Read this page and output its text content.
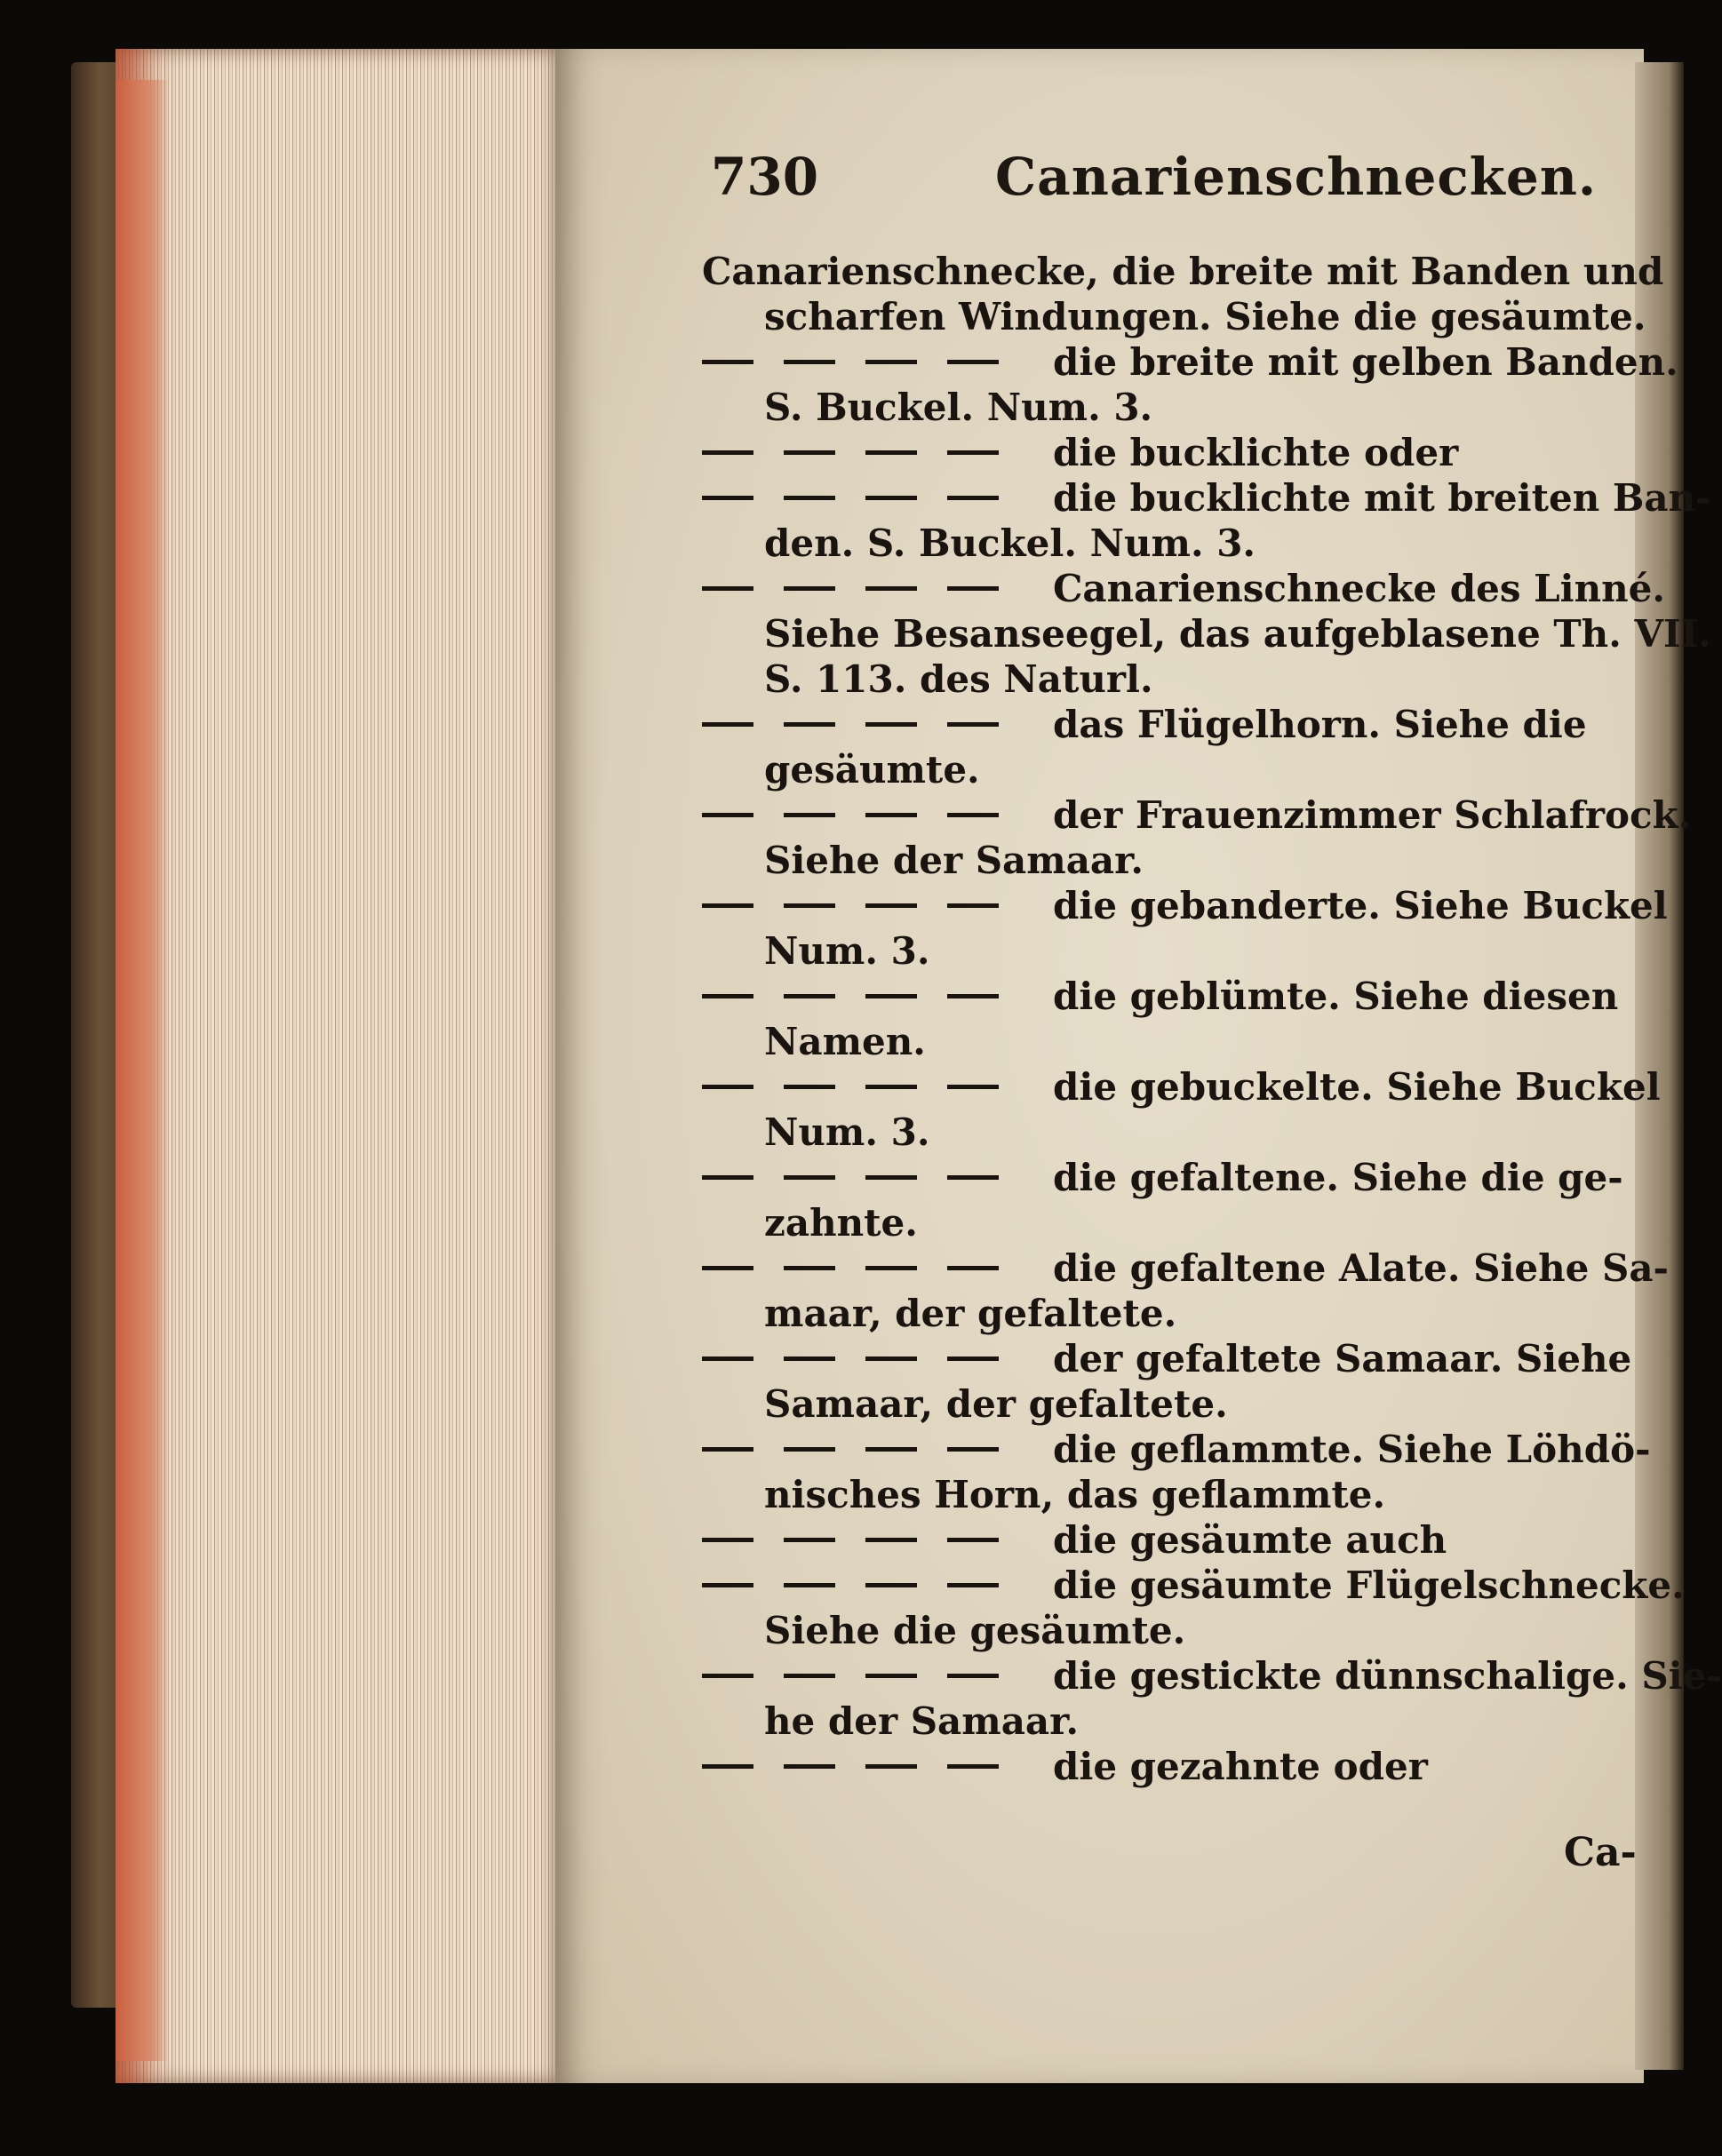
730	Canarienschnecken.
Canarienschnecke, die breite mit Banden und
scharfen Windungen. Siehe die gesäumte.
die breite mit gelben Banden.
S. Buckel. Num. 3.
die bucklichte oder
die bucklichte mit breiten Ban-
den. S. Buckel. Num. 3.
Canarienschnecke des Linné.
Siehe Besanseegel, das aufgeblasene Th. VII.
S. 113. des Naturl.
das Flügelhorn. Siehe die
gesäumte.
der Frauenzimmer Schlafrock.
Siehe der Samaar.
die gebanderte. Siehe Buckel
Num. 3.
die geblümte. Siehe diesen
Namen.
die gebuckelte. Siehe Buckel
Num. 3.
die gefaltene. Siehe die ge-
zahnte.
die gefaltene Alate. Siehe Sa-
maar, der gefaltete.
der gefaltete Samaar. Siehe
Samaar, der gefaltete.
die geflammte. Siehe Löhdö-
nisches Horn, das geflammte.
die gesäumte auch
die gesäumte Flügelschnecke.
Siehe die gesäumte.
die gestickte dünnschalige. Sie-
he der Samaar.
die gezahnte oder
Ca-
